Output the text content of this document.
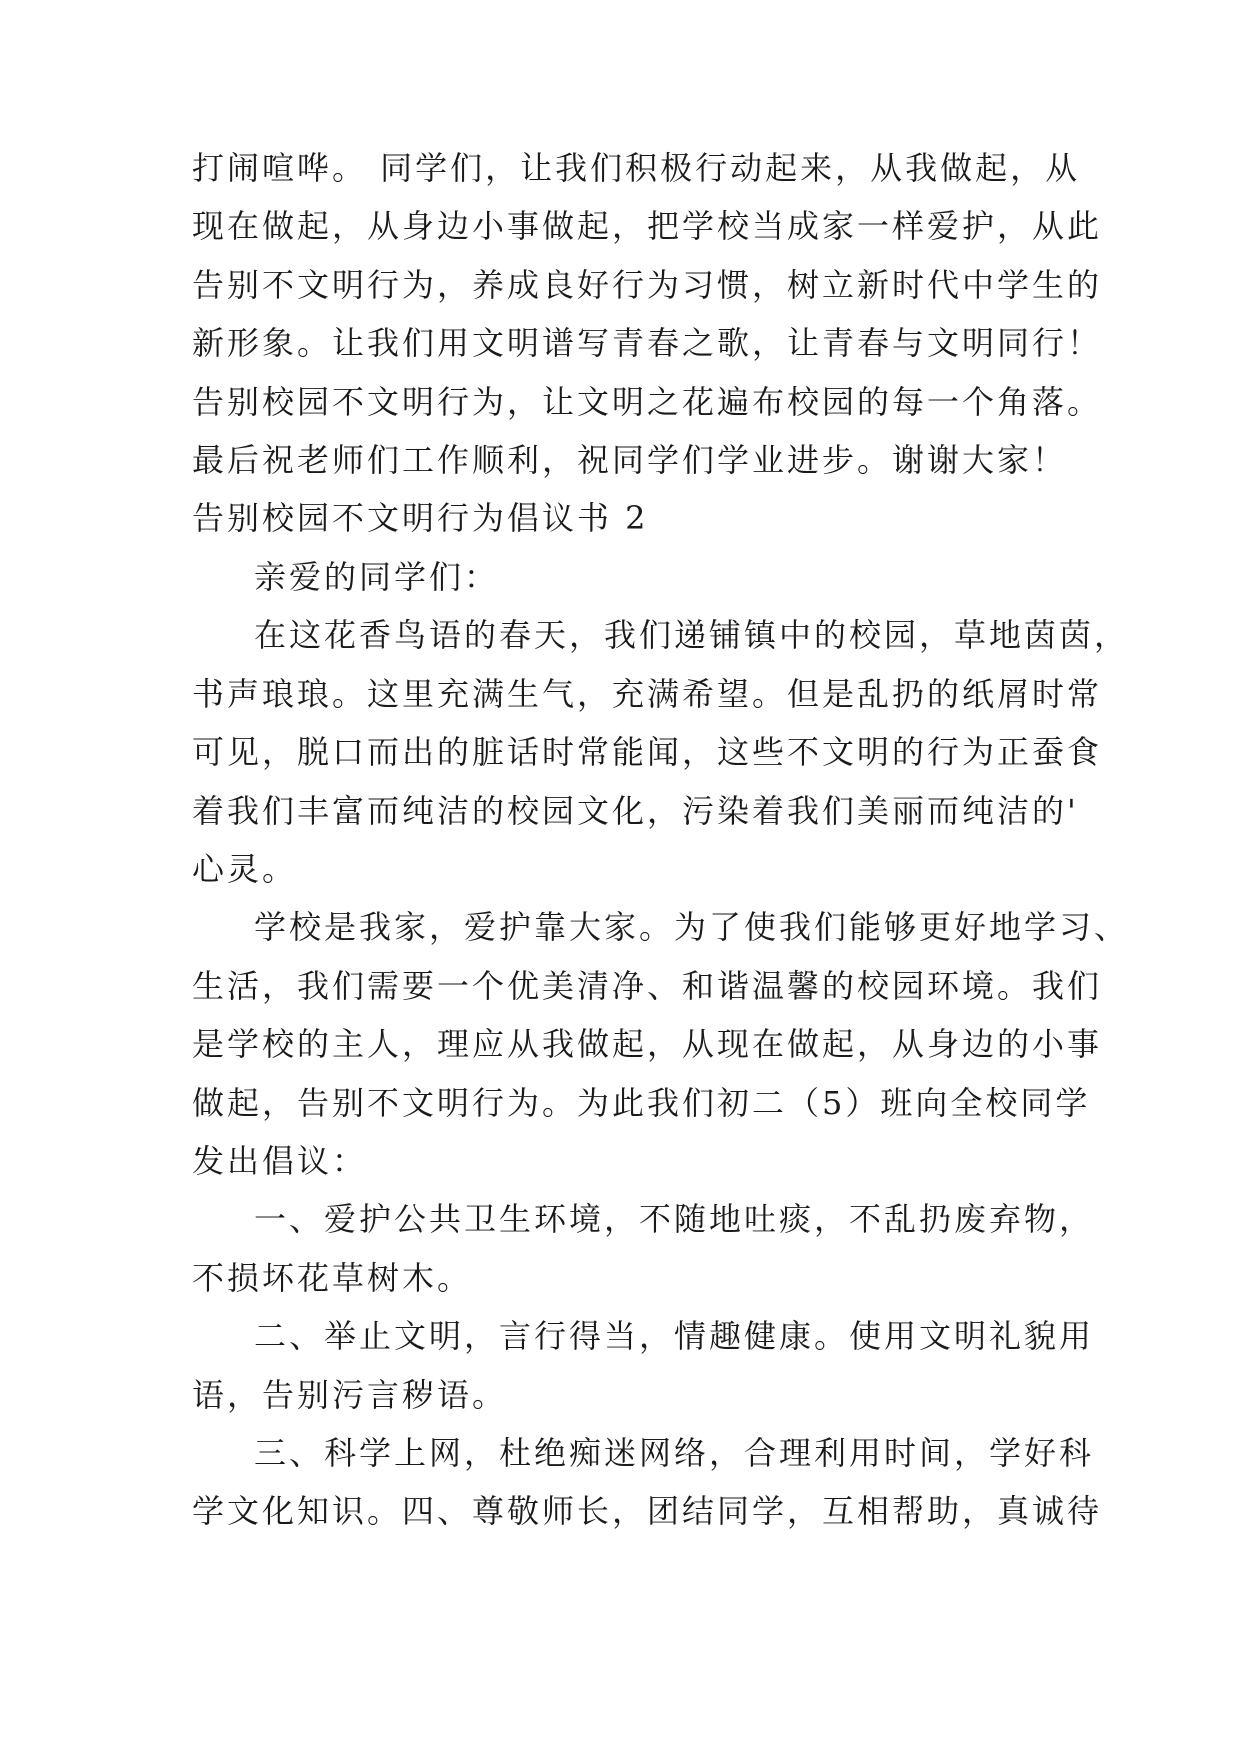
打闹喧哗。 同学们，让我们积极行动起来，从我做起，从
现在做起，从身边小事做起，把学校当成家一样爱护，从此
告别不文明行为，养成良好行为习惯，树立新时代中学生的
新形象。让我们用文明谱写青春之歌，让青春与文明同行！
告别校园不文明行为，让文明之花遍布校园的每一个角落。
最后祝老师们工作顺利，祝同学们学业进步。谢谢大家！
告别校园不文明行为倡议书 2
亲爱的同学们：
在这花香鸟语的春天，我们递铺镇中的校园，草地茵茵，
书声琅琅。这里充满生气，充满希望。但是乱扔的纸屑时常
可见，脱口而出的脏话时常能闻，这些不文明的行为正蚕食
着我们丰富而纯洁的校园文化，污染着我们美丽而纯洁的'
心灵。
学校是我家，爱护靠大家。为了使我们能够更好地学习、
生活，我们需要一个优美清净、和谐温馨的校园环境。我们
是学校的主人，理应从我做起，从现在做起，从身边的小事
做起，告别不文明行为。为此我们初二（5）班向全校同学
发出倡议：
一、爱护公共卫生环境，不随地吐痰，不乱扔废弃物，
不损坏花草树木。
二、举止文明，言行得当，情趣健康。使用文明礼貌用
语，告别污言秽语。
三、科学上网，杜绝痴迷网络，合理利用时间，学好科
学文化知识。四、尊敬师长，团结同学，互相帮助，真诚待
